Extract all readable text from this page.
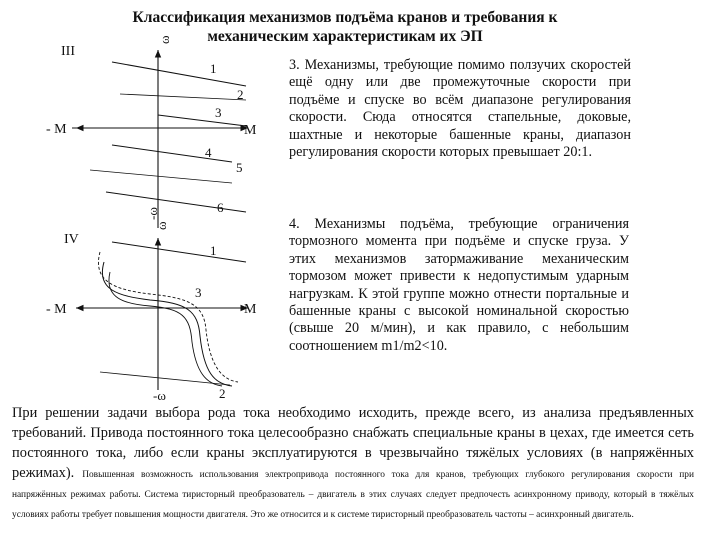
Классификация механизмов подъёма кранов и требования к механическим характеристикам их ЭП
III
ω
- M	M
1
2
3
4
5
6
-ω
IV
ω
- M	M
1
3
2
-ω
3. Механизмы, требующие помимо ползучих скоростей ещё одну или две промежуточные скорости при подъёме и спуске во всём диапазоне регулирования скорости. Сюда относятся стапельные, доковые, шахтные и некоторые башенные краны, диапазон регулирования скорости которых превышает 20:1.
4. Механизмы подъёма, требующие ограничения тормозного момента при подъёме и спуске груза. У этих механизмов затормаживание механическим тормозом может привести к недопустимым ударным нагрузкам. К этой группе можно отнести портальные и башенные краны с высокой номинальной скоростью (свыше 20 м/мин), и как правило, с небольшим соотношением m1/m2<10.
При решении задачи выбора рода тока необходимо исходить, прежде всего, из анализа предъявленных требований. Привода постоянного тока целесообразно снабжать специальные краны в цехах, где имеется сеть постоянного тока, либо если краны эксплуатируются в чрезвычайно тяжёлых условиях (в напряжённых режимах). Повышенная возможность использования электропривода постоянного тока для кранов, требующих глубокого регулирования скорости при напряжённых режимах работы. Система тиристорный преобразователь – двигатель в этих случаях следует предпочесть асинхронному приводу, который в тяжёлых условиях работы требует повышения мощности двигателя. Это же относится и к системе тиристорный преобразователь частоты – асинхронный двигатель.
